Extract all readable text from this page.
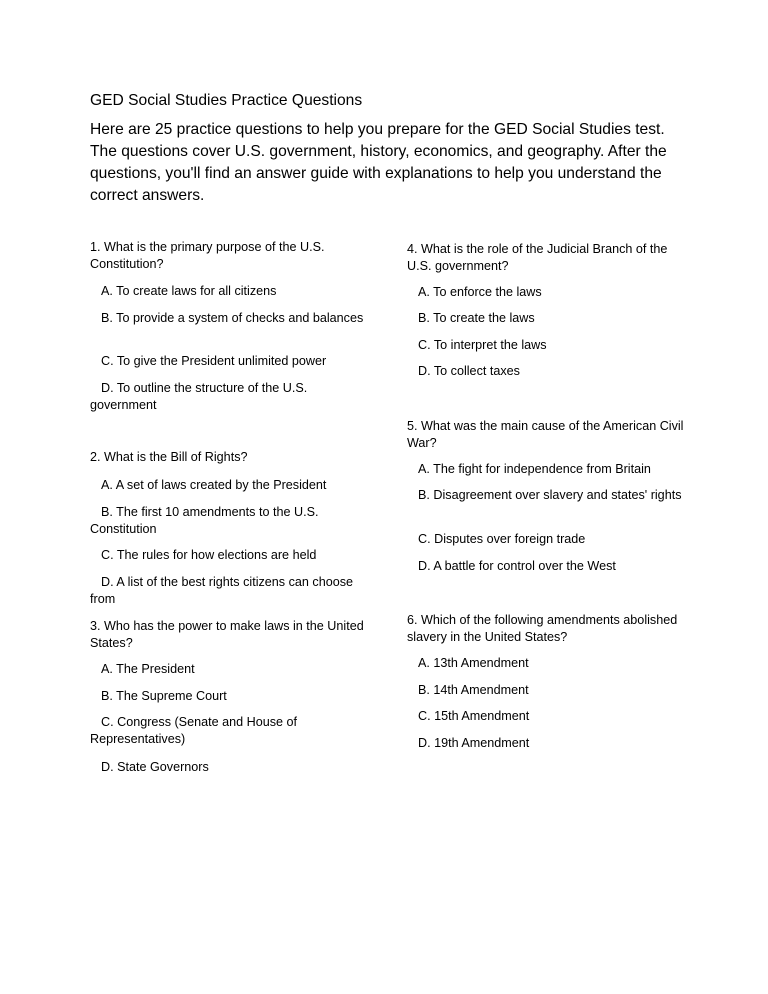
GED Social Studies Practice Questions
Here are 25 practice questions to help you prepare for the GED Social Studies test. The questions cover U.S. government, history, economics, and geography. After the questions, you'll find an answer guide with explanations to help you understand the correct answers.
1. What is the primary purpose of the U.S. Constitution?
A. To create laws for all citizens
B. To provide a system of checks and balances
C. To give the President unlimited power
D. To outline the structure of the U.S. government
2. What is the Bill of Rights?
A. A set of laws created by the President
B. The first 10 amendments to the U.S. Constitution
C. The rules for how elections are held
D. A list of the best rights citizens can choose from
3. Who has the power to make laws in the United States?
A. The President
B. The Supreme Court
C. Congress (Senate and House of Representatives)
D. State Governors
4. What is the role of the Judicial Branch of the U.S. government?
A. To enforce the laws
B. To create the laws
C. To interpret the laws
D. To collect taxes
5. What was the main cause of the American Civil War?
A. The fight for independence from Britain
B. Disagreement over slavery and states' rights
C. Disputes over foreign trade
D. A battle for control over the West
6. Which of the following amendments abolished slavery in the United States?
A. 13th Amendment
B. 14th Amendment
C. 15th Amendment
D. 19th Amendment
